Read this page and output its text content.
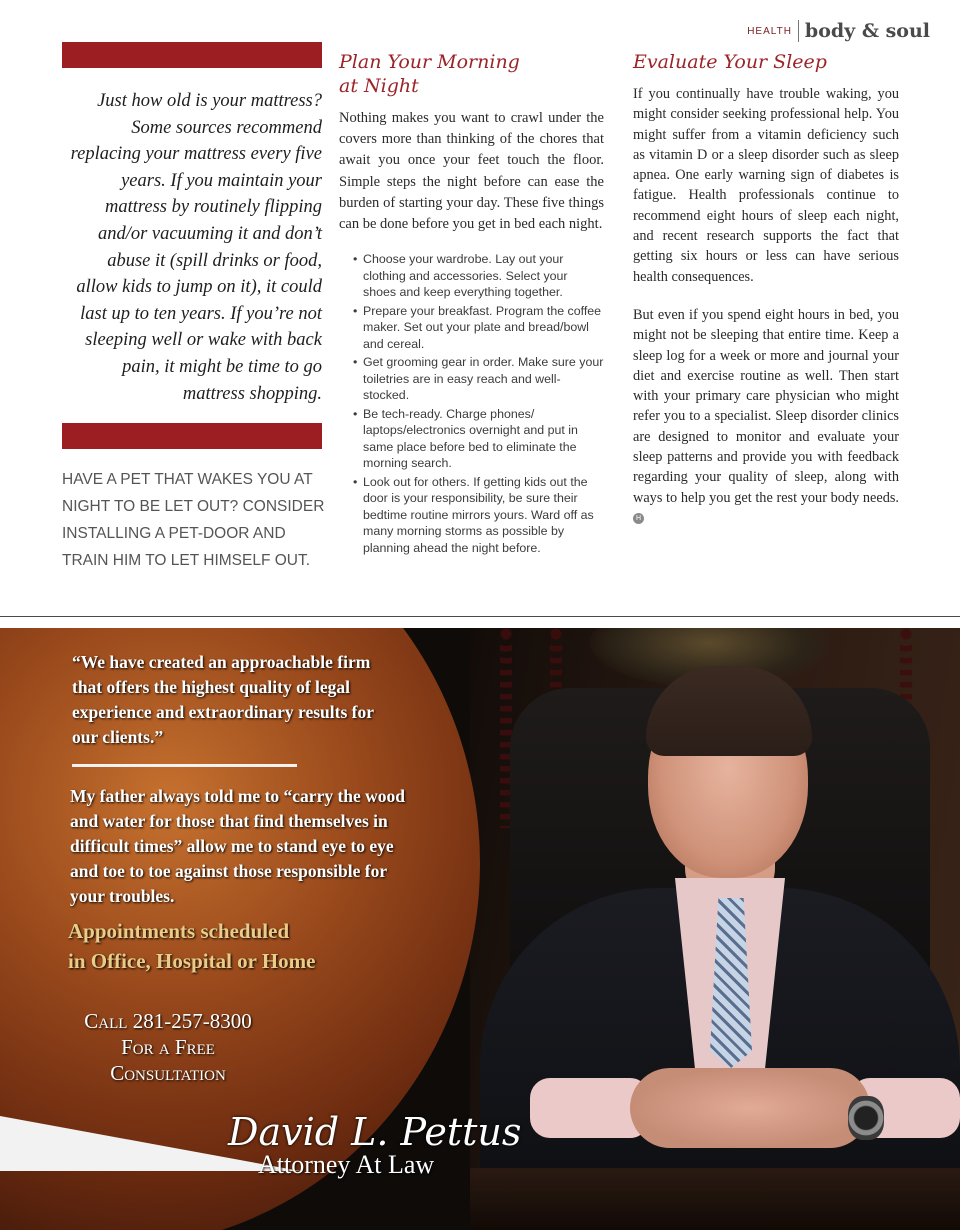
HEALTH body & soul
Just how old is your mattress? Some sources recommend replacing your mattress every five years. If you maintain your mattress by routinely flipping and/or vacuuming it and don’t abuse it (spill drinks or food, allow kids to jump on it), it could last up to ten years. If you’re not sleeping well or wake with back pain, it might be time to go mattress shopping.
HAVE A PET THAT WAKES YOU AT NIGHT TO BE LET OUT? CONSIDER INSTALLING A PET-DOOR AND TRAIN HIM TO LET HIMSELF OUT.
Plan Your Morning
at Night

Nothing makes you want to crawl under the covers more than thinking of the chores that await you once your feet touch the floor. Simple steps the night before can ease the burden of starting your day. These five things can be done before you get in bed each night.

• Choose your wardrobe. Lay out your clothing and accessories. Select your shoes and keep everything together.
• Prepare your breakfast. Program the coffee maker. Set out your plate and bread/bowl and cereal.
• Get grooming gear in order. Make sure your toiletries are in easy reach and well-stocked.
• Be tech-ready. Charge phones/ laptops/electronics overnight and put in same place before bed to eliminate the morning search.
• Look out for others. If getting kids out the door is your responsibility, be sure their bedtime routine mirrors yours. Ward off as many morning storms as possible by planning ahead the night before.
Evaluate Your Sleep

If you continually have trouble waking, you might consider seeking professional help. You might suffer from a vitamin deficiency such as vitamin D or a sleep disorder such as sleep apnea. One early warning sign of diabetes is fatigue. Health professionals continue to recommend eight hours of sleep each night, and recent research supports the fact that getting six hours or less can have serious health consequences.

But even if you spend eight hours in bed, you might not be sleeping that entire time. Keep a sleep log for a week or more and journal your diet and exercise routine as well. Then start with your primary care physician who might refer you to a specialist. Sleep disorder clinics are designed to monitor and evaluate your sleep patterns and provide you with feedback regarding your quality of sleep, along with ways to help you get the rest your body needs. H

“We have created an approachable firm that offers the highest quality of legal experience and extraordinary results for our clients.”

My father always told me to “carry the wood and water for those that find themselves in difficult times” allow me to stand eye to eye and toe to toe against those responsible for your troubles.

Appointments scheduled
in Office, Hospital or Home
Call 281-257-8300
For a Free
Consultation
David L. Pettus
Attorney At Law
